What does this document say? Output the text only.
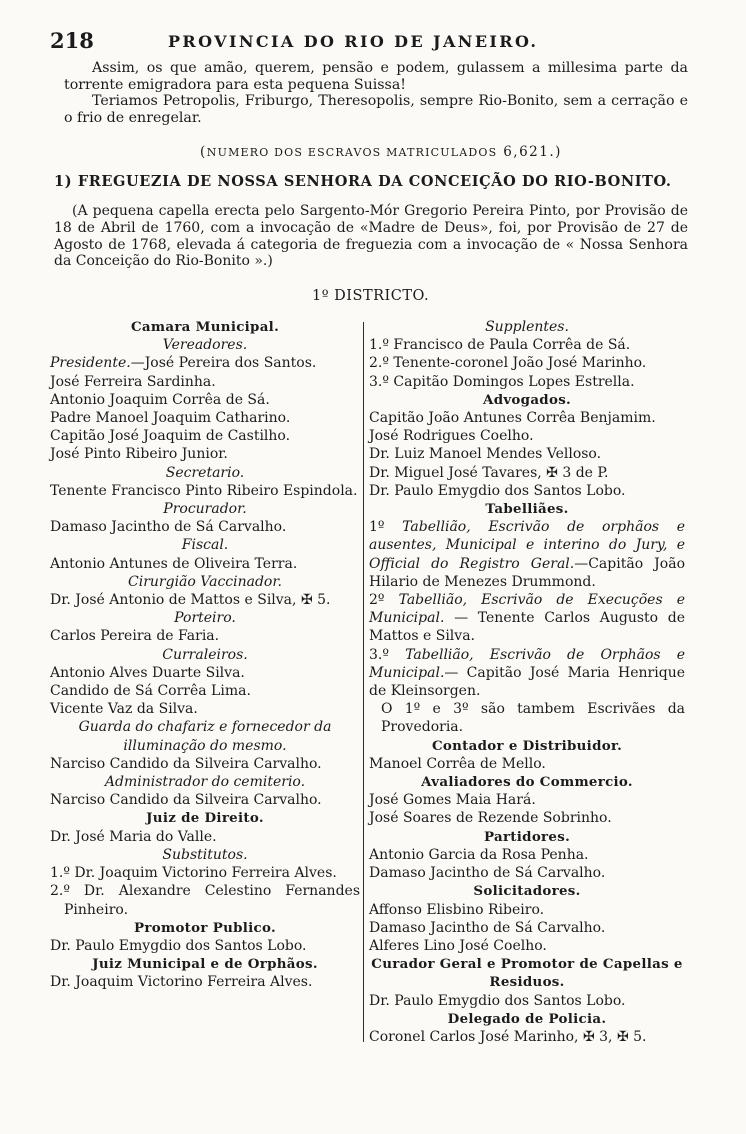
218	PROVINCIA DO RIO DE JANEIRO.

Assim, os que amão, querem, pensão e podem, gulassem a millesima parte da torrente emigradora para esta pequena Suissa!

Teriamos Petropolis, Friburgo, Theresopolis, sempre Rio-Bonito, sem a cerração e o frio de enregelar.

(NUMERO DOS ESCRAVOS MATRICULADOS 6,621.)
1) FREGUEZIA DE NOSSA SENHORA DA CONCEIÇÃO DO RIO-BONITO.

(A pequena capella erecta pelo Sargento-Mór Gregorio Pereira Pinto, por Provisão de 18 de Abril de 1760, com a invocação de «Madre de Deus», foi, por Provisão de 27 de Agosto de 1768, elevada á categoria de freguezia com a invocação de « Nossa Senhora da Conceição do Rio-Bonito ».)

1º DISTRICTO.
Camara Municipal.
Vereadores.
Presidente.—José Pereira dos Santos.
José Ferreira Sardinha.
Antonio Joaquim Corrêa de Sá.
Padre Manoel Joaquim Catharino.
Capitão José Joaquim de Castilho.
José Pinto Ribeiro Junior.
Secretario.
Tenente Francisco Pinto Ribeiro Espindola.
Procurador.
Damaso Jacintho de Sá Carvalho.
Fiscal.
Antonio Antunes de Oliveira Terra.
Cirurgião Vaccinador.
Dr. José Antonio de Mattos e Silva, ✠ 5.
Porteiro.
Carlos Pereira de Faria.
Curraleiros.
Antonio Alves Duarte Silva.
Candido de Sá Corrêa Lima.
Vicente Vaz da Silva.
Guarda do chafariz e fornecedor da illuminação do mesmo.
Narciso Candido da Silveira Carvalho.
Administrador do cemiterio.
Narciso Candido da Silveira Carvalho.
Juiz de Direito.
Dr. José Maria do Valle.
Substitutos.
1.º Dr. Joaquim Victorino Ferreira Alves.
2.º Dr. Alexandre Celestino Fernandes Pinheiro.
Promotor Publico.
Dr. Paulo Emygdio dos Santos Lobo.
Juiz Municipal e de Orphãos.
Dr. Joaquim Victorino Ferreira Alves.
Supplentes.
1.º Francisco de Paula Corrêa de Sá.
2.º Tenente-coronel João José Marinho.
3.º Capitão Domingos Lopes Estrella.
Advogados.
Capitão João Antunes Corrêa Benjamim.
José Rodrigues Coelho.
Dr. Luiz Manoel Mendes Velloso.
Dr. Miguel José Tavares, ✠ 3 de P.
Dr. Paulo Emygdio dos Santos Lobo.
Tabelliães.
1º Tabellião, Escrivão de orphãos e ausentes, Municipal e interino do Jury, e Official do Registro Geral.—Capitão João Hilario de Menezes Drummond.
2º Tabellião, Escrivão de Execuções e Municipal. — Tenente Carlos Augusto de Mattos e Silva.
3.º Tabellião, Escrivão de Orphãos e Municipal.— Capitão José Maria Henrique de Kleinsorgen.
O 1º e 3º são tambem Escrivães da Provedoria.
Contador e Distribuidor.
Manoel Corrêa de Mello.
Avaliadores do Commercio.
José Gomes Maia Hará.
José Soares de Rezende Sobrinho.
Partidores.
Antonio Garcia da Rosa Penha.
Damaso Jacintho de Sá Carvalho.
Solicitadores.
Affonso Elisbino Ribeiro.
Damaso Jacintho de Sá Carvalho.
Alferes Lino José Coelho.
Curador Geral e Promotor de Capellas e Residuos.
Dr. Paulo Emygdio dos Santos Lobo.
Delegado de Policia.
Coronel Carlos José Marinho, ✠ 3, ✠ 5.
